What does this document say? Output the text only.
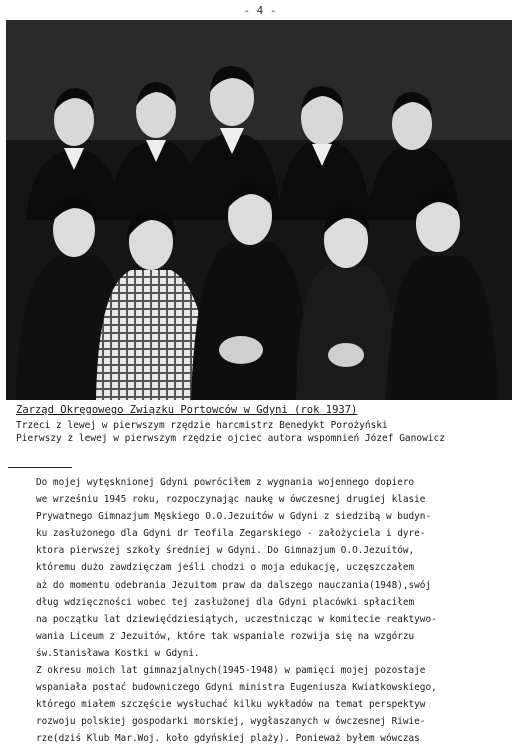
- 4 -
Zarząd Okręgowego Związku Portowców w Gdyni (rok 1937)
Trzeci z lewej w pierwszym rzędzie harcmistrz Benedykt Porożyński
Pierwszy z lewej w pierwszym rzędzie ojciec autora wspomnień Józef Ganowicz
Do mojej wytęsknionej Gdyni powróciłem z wygnania wojennego dopiero
we wrześniu 1945 roku, rozpoczynając naukę w ówczesnej drugiej klasie
Prywatnego Gimnazjum Męskiego O.O.Jezuitów w Gdyni z siedzibą w budyn-
ku zasłużonego dla Gdyni dr Teofila Zegarskiego - założyciela i dyre-
ktora pierwszej szkoły średniej w Gdyni. Do Gimnazjum O.O.Jezuitów,
któremu dużo zawdzięczam jeśli chodzi o moja edukację, uczęszczałem
aż do momentu odebrania Jezuitom praw da dalszego nauczania(1948),swój
dług wdzięczności wobec tej zasłużonej dla Gdyni placówki spłaciłem
na początku lat dziewięćdziesiątych, uczestnicząc w komitecie reaktywo-
wania Liceum z Jezuitów, które tak wspaniale rozwija się na wzgórzu
św.Stanisława Kostki w Gdyni.
Z okresu moich lat gimnazjalnych(1945-1948) w pamięci mojej pozostaje
wspaniała postać budowniczego Gdyni ministra Eugeniusza Kwiatkowskiego,
którego miałem szczęście wysłuchać kilku wykładów na temat perspektyw
rozwoju polskiej gospodarki morskiej, wygłaszanych w ówczesnej Riwie-
rze(dziś Klub Mar.Woj. koło gdyńskiej plaży). Ponieważ byłem wówczas
